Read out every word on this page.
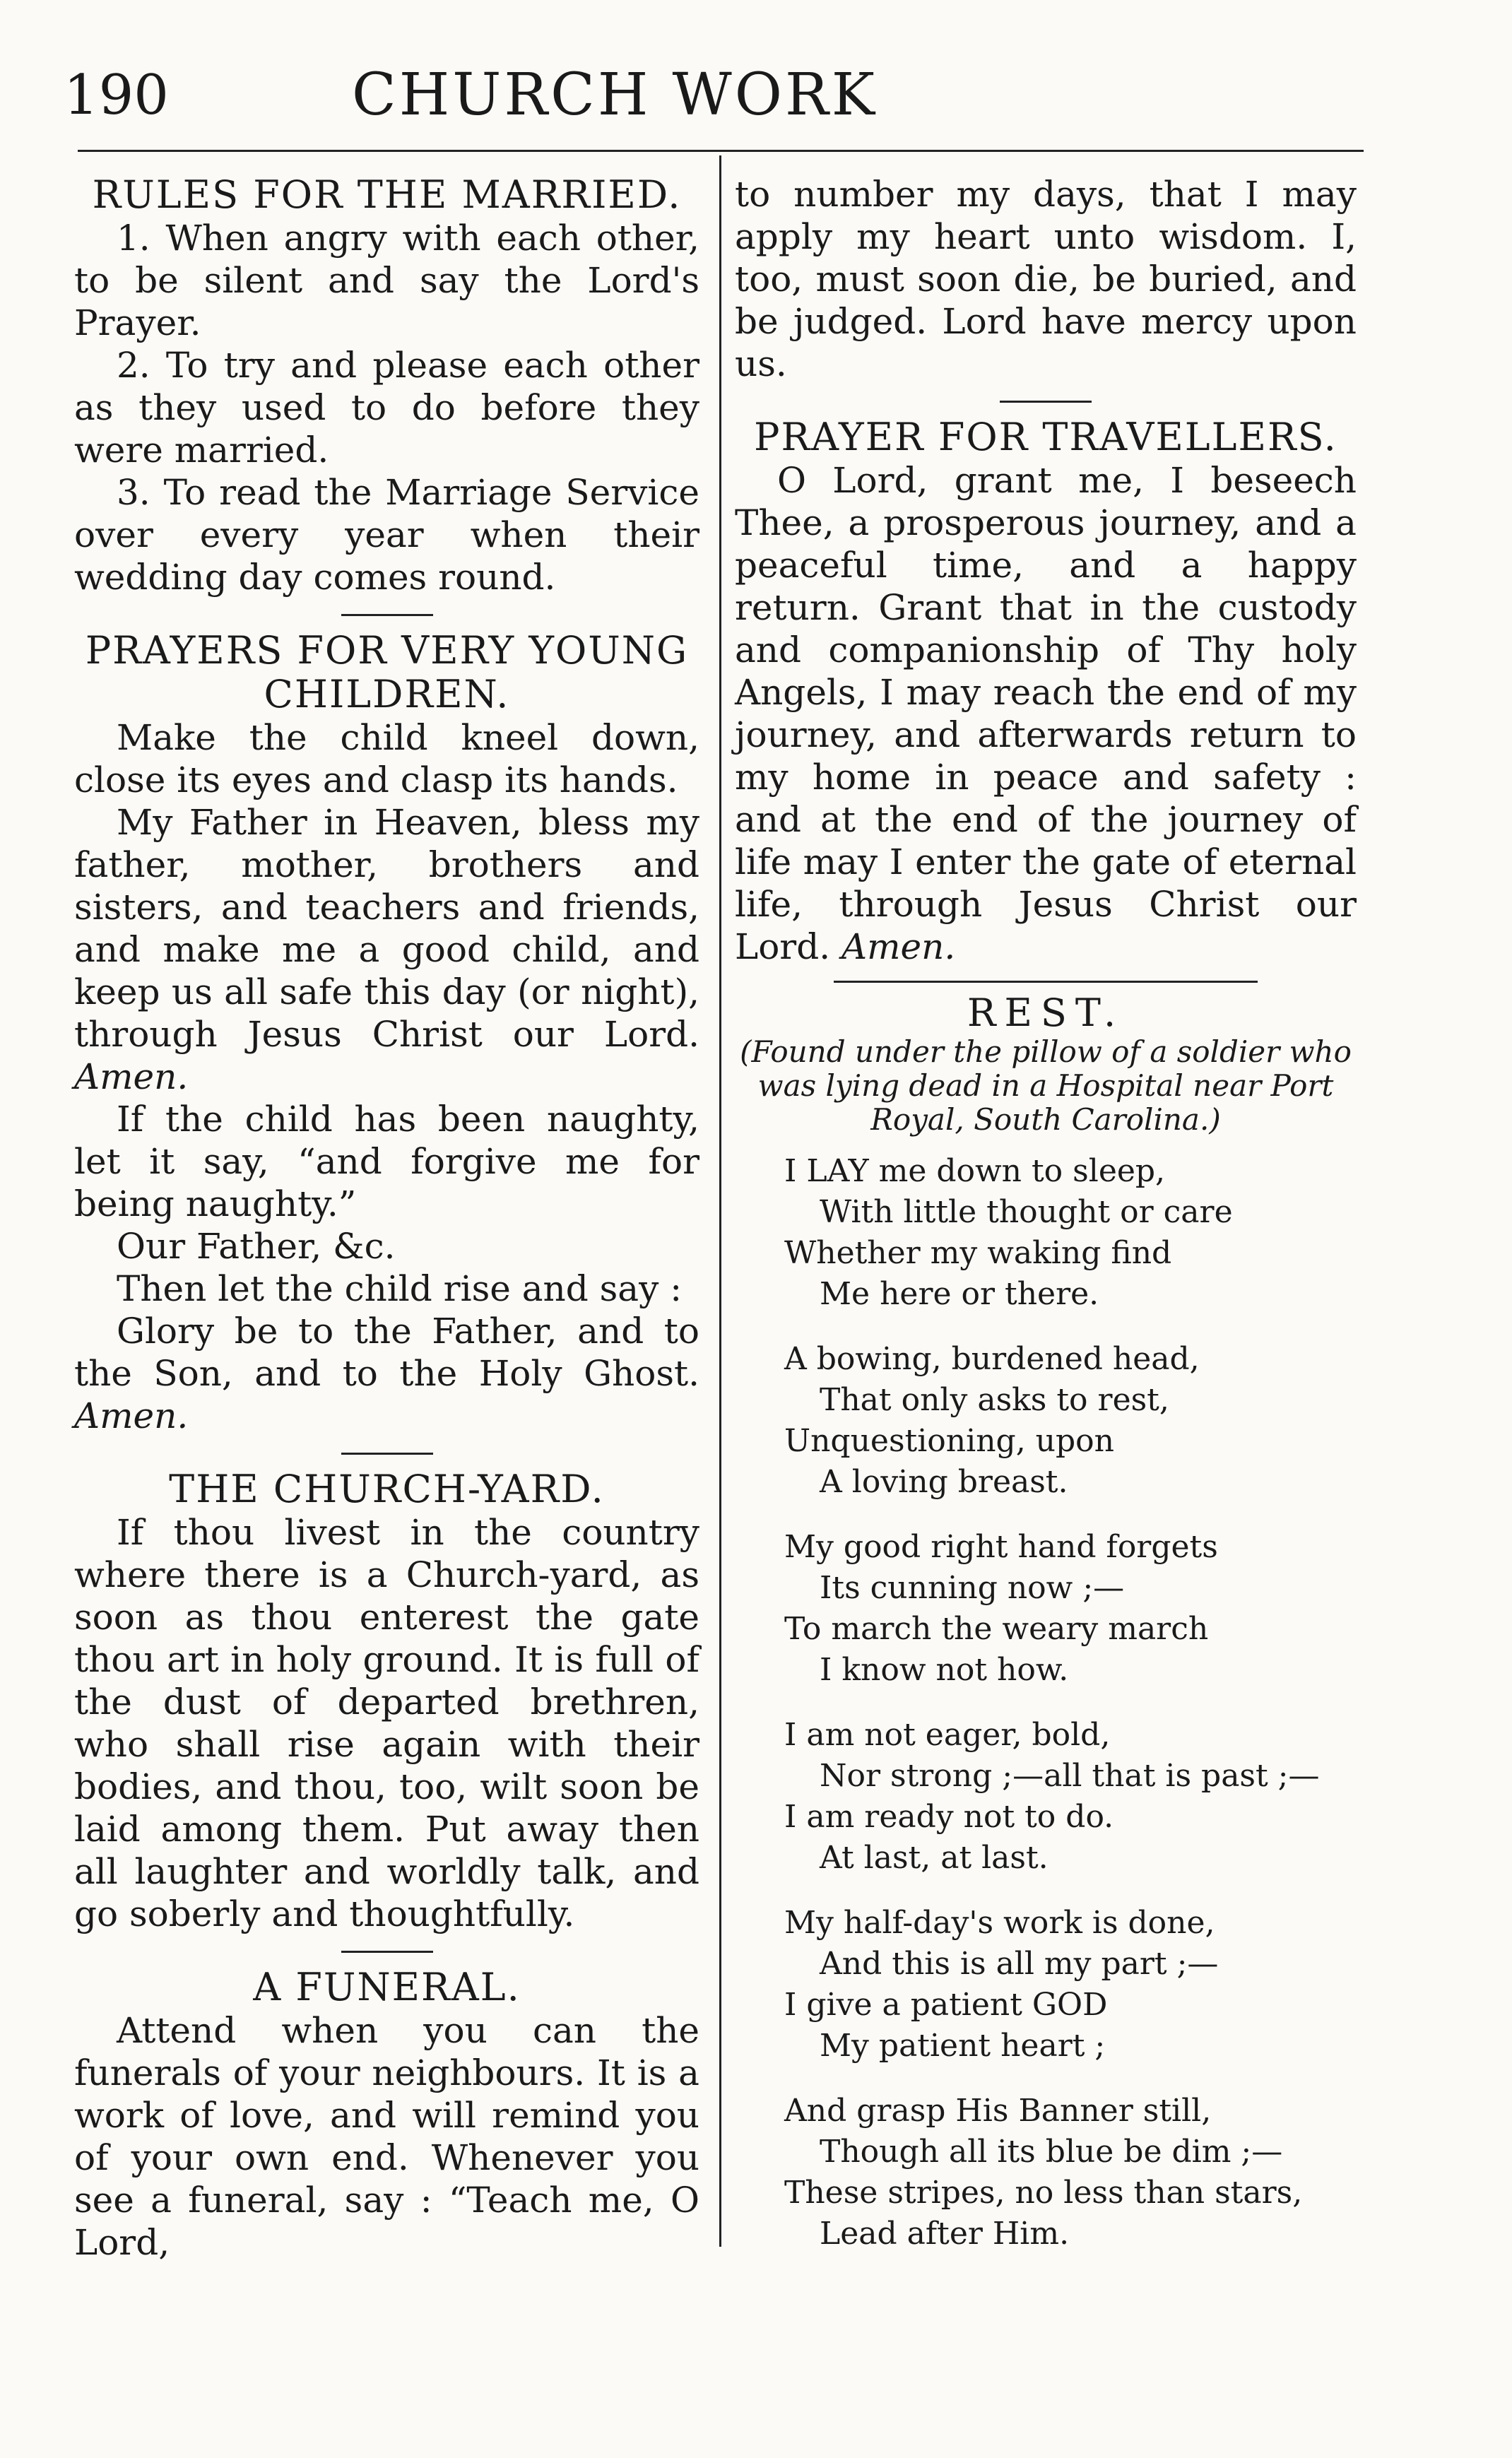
190	CHURCH WORK
RULES FOR THE MARRIED.

1. When angry with each other, to be silent and say the Lord's Prayer.

2. To try and please each other as they used to do before they were married.

3. To read the Marriage Service over every year when their wedding day comes round.

PRAYERS FOR VERY YOUNG CHILDREN.

Make the child kneel down, close its eyes and clasp its hands.

My Father in Heaven, bless my father, mother, brothers and sisters, and teachers and friends, and make me a good child, and keep us all safe this day (or night), through Jesus Christ our Lord. Amen.

If the child has been naughty, let it say, “and forgive me for being naughty.”

Our Father, &c.

Then let the child rise and say :

Glory be to the Father, and to the Son, and to the Holy Ghost. Amen.

THE CHURCH-YARD.

If thou livest in the country where there is a Church-yard, as soon as thou enterest the gate thou art in holy ground. It is full of the dust of departed brethren, who shall rise again with their bodies, and thou, too, wilt soon be laid among them. Put away then all laughter and worldly talk, and go soberly and thoughtfully.

A FUNERAL.

Attend when you can the funerals of your neighbours. It is a work of love, and will remind you of your own end. Whenever you see a funeral, say : “Teach me, O Lord,

to number my days, that I may apply my heart unto wisdom. I, too, must soon die, be buried, and be judged. Lord have mercy upon us.

PRAYER FOR TRAVELLERS.

O Lord, grant me, I beseech Thee, a prosperous journey, and a peaceful time, and a happy return. Grant that in the custody and companionship of Thy holy Angels, I may reach the end of my journey, and afterwards return to my home in peace and safety : and at the end of the journey of life may I enter the gate of eternal life, through Jesus Christ our Lord. Amen.

REST.
(Found under the pillow of a soldier who was lying dead in a Hospital near Port Royal, South Carolina.)
I LAY me down to sleep,
With little thought or care
Whether my waking find
Me here or there.
A bowing, burdened head,
That only asks to rest,
Unquestioning, upon
A loving breast.
My good right hand forgets
Its cunning now ;—
To march the weary march
I know not how.
I am not eager, bold,
Nor strong ;—all that is past ;—
I am ready not to do.
At last, at last.
My half-day's work is done,
And this is all my part ;—
I give a patient GOD
My patient heart ;
And grasp His Banner still,
Though all its blue be dim ;—
These stripes, no less than stars,
Lead after Him.
